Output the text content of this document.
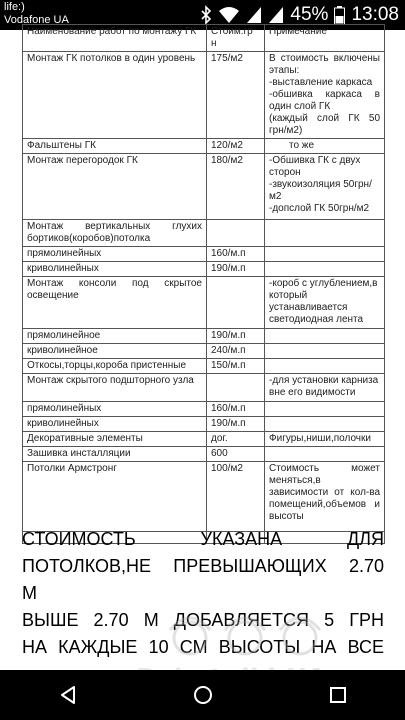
life:)
Vodafone UA	45% 13:08
Наименование работ по монтажу ГК	Стоим.гр н	Примечание
Монтаж ГК потолков в один уровень	175/м2	В стоимость включены этапы:
-выставление каркаса
-обшивка каркаса в один слой ГК
(каждый слой ГК 50 грн/м2)
Фальштены ГК	120/м2	то же
Монтаж перегородок ГК	180/м2	-Обшивка ГК с двух сторон
-звукоизоляция 50грн/м2
-допслой ГК 50грн/м2
Монтаж вертикальных глухих бортиков(коробов)потолка		
прямолинейных	160/м.п	
криволинейных	190/м.п	
Монтаж консоли под скрытое освещение		-короб с углублением,в который устанавливается светодиодная лента
прямолинейное	190/м.п	
криволинейное	240/м.п	
Откосы,торцы,короба пристенные	150/м.п	
Монтаж скрытого подшторного узла		-для установки карниза вне его видимости
прямолинейных	160/м.п	
криволинейных	190/м.п	
Декоративные элементы	дог.	Фигуры,ниши,полочки
Зашивка инсталляции	600	
Потолки Армстронг	100/м2	Стоимость может меняться,в зависимости от кол-ва помещений,объемов и высоты

СТОИМОСТЬ УКАЗАНА ДЛЯ
ПОТОЛКОВ,НЕ ПРЕВЫШАЮЩИХ 2.70
М
ВЫШЕ 2.70 М ДОБАВЛЯЕТСЯ 5 ГРН
НА КАЖДЫЕ 10 СМ ВЫСОТЫ НА ВСЕ
